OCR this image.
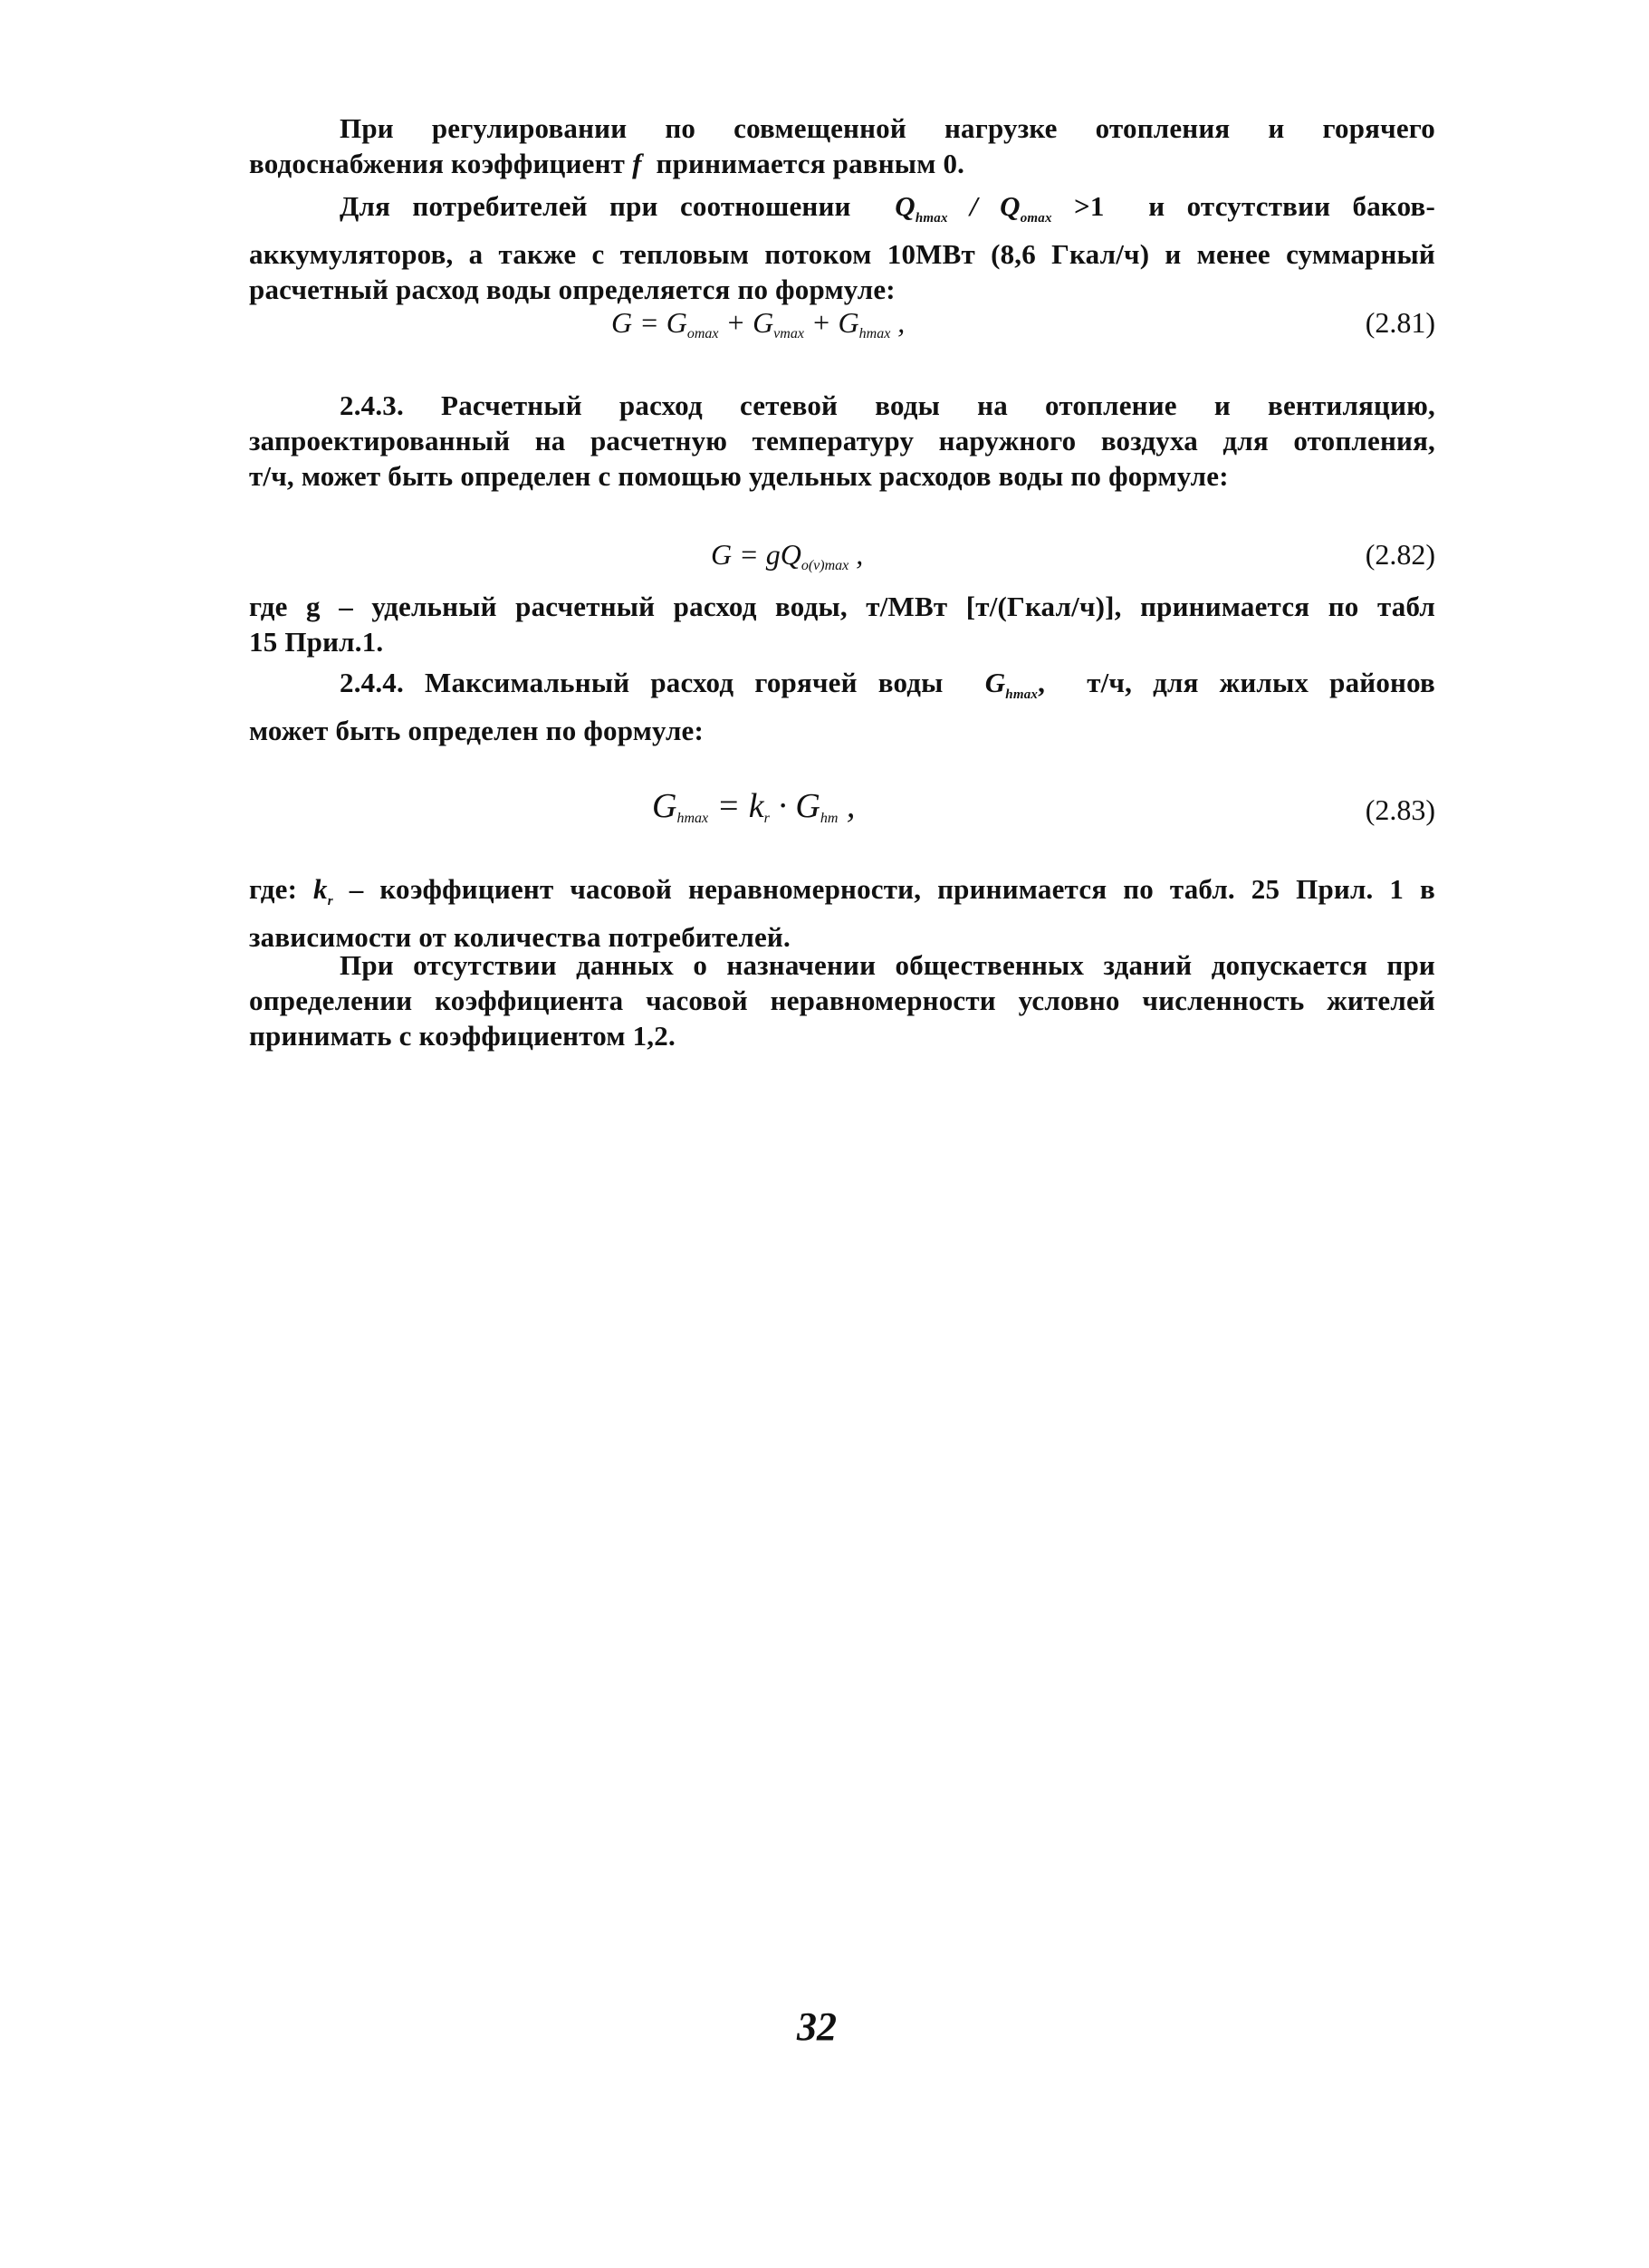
При регулировании по совмещенной нагрузке отопления и горячего
водоснабжения коэффициент f  принимается равным 0.
Для потребителей при соотношении  $Q_{hmax} / Q_{omax} >1$  и отсутствии баков-
аккумуляторов, а также с тепловым потоком 10МВт (8,6 Гкал/ч) и менее суммарный
расчетный расход воды определяется по формуле:
$G = G_{omax} + G_{vmax} + G_{hmax}$ ,	(2.81)
2.4.3. Расчетный расход сетевой воды на отопление и вентиляцию,
запроектированный на расчетную температуру наружного воздуха для отопления,
т/ч, может быть определен с помощью удельных расходов воды по формуле:
$G = gQ_{o(v)max}$ ,	(2.82)
где g – удельный расчетный расход воды, т/МВт [т/(Гкал/ч)], принимается по табл
15 Прил.1.
2.4.4. Максимальный расход горячей воды  $G_{hmax}$,  т/ч, для жилых районов
может быть определен по формуле:
$G_{hmax} = k_r \cdot G_{hm}$ ,	(2.83)
где: $k_r$ – коэффициент часовой неравномерности, принимается по табл. 25 Прил. 1 в
зависимости от количества потребителей.
При отсутствии данных о назначении общественных зданий допускается при
определении коэффициента часовой неравномерности условно численность жителей
принимать с коэффициентом 1,2.
32
